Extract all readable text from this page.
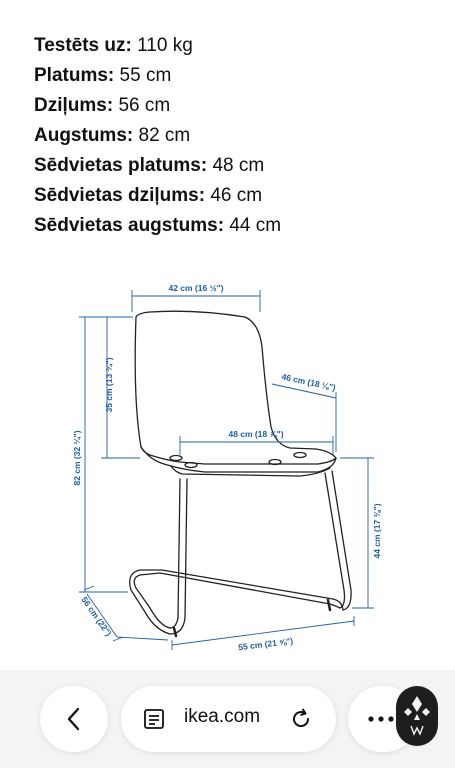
Testēts uz: 110 kg
Platums: 55 cm
Dziļums: 56 cm
Augstums: 82 cm
Sēdvietas platums: 48 cm
Sēdvietas dziļums: 46 cm
Sēdvietas augstums: 44 cm
42 cm (16 ½")
35 cm (13 ¾")
82 cm (32 ¼")
46 cm (18 ⅛")
48 cm (18 ⅞")
44 cm (17 ⅜")
56 cm (22")
55 cm (21 ⅝")
ikea.com
